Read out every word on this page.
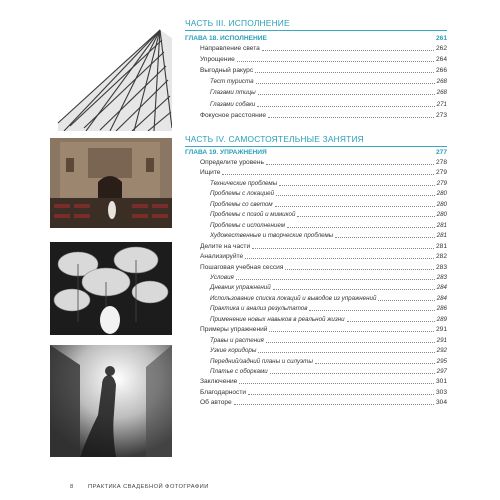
ЧАСТЬ III. ИСПОЛНЕНИЕ
ГЛАВА 18. ИСПОЛНЕНИЕ	261
Направление света	262
Упрощение	264
Выгодный ракурс	266
Тест туриста	268
Глазами птицы	268
Глазами собаки	271
Фокусное расстояние	273
ЧАСТЬ IV. САМОСТОЯТЕЛЬНЫЕ ЗАНЯТИЯ
ГЛАВА 19. УПРАЖНЕНИЯ	277
Определите уровень	278
Ищите	279
Технические проблемы	279
Проблемы с локацией	280
Проблемы со светом	280
Проблемы с позой и мимикой	280
Проблемы с исполнением	281
Художественные и творческие проблемы	281
Делите на части	281
Анализируйте	282
Пошаговая учебная сессия	283
Условия	283
Дневник упражнений	284
Использование списка локаций и выводов из упражнений	284
Практика и анализ результатов	286
Применение новых навыков в реальной жизни	289
Примеры упражнений	291
Травы и растения	291
Узкие коридоры	292
Передний/задний планы и силуэты	295
Платье с оборками	297
Заключение	301
Благодарности	303
Об авторе	304
8 ПРАКТИКА СВАДЕБНОЙ ФОТОГРАФИИ
